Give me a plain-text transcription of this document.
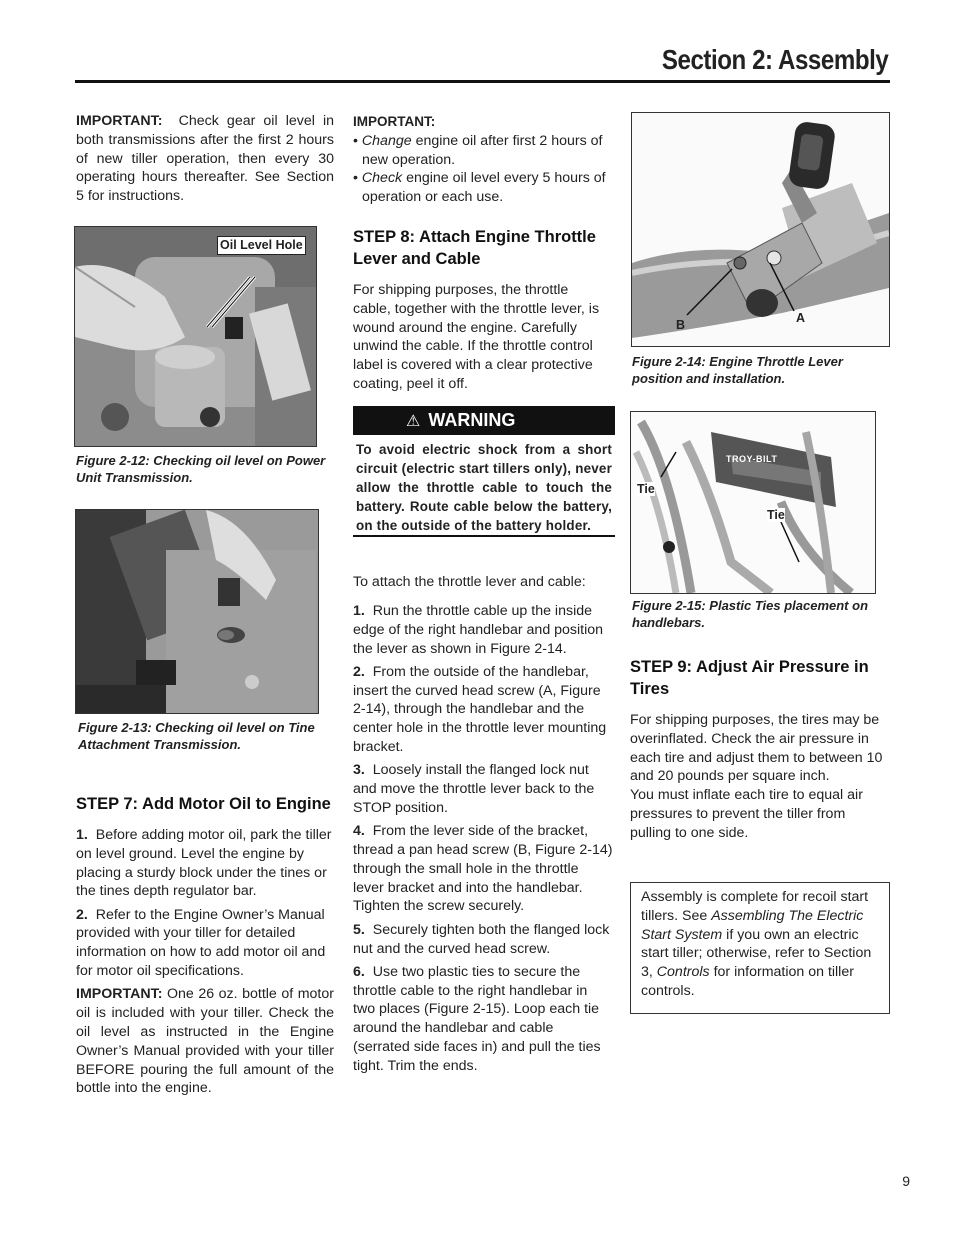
Section 2: Assembly
IMPORTANT: Check gear oil level in both transmissions after the first 2 hours of new tiller operation, then every 30 operating hours thereafter. See Section 5 for instructions.
Oil Level Hole
Figure 2-12: Checking oil level on Power Unit Transmission.
Figure 2-13: Checking oil level on Tine Attachment Transmission.
STEP 7: Add Motor Oil to Engine

1. Before adding motor oil, park the tiller on level ground. Level the engine by placing a sturdy block under the tines or the tines depth regulator bar.

2. Refer to the Engine Owner’s Manual provided with your tiller for detailed information on how to add motor oil and for motor oil specifications.

IMPORTANT: One 26 oz. bottle of motor oil is included with your tiller. Check the oil level as instructed in the Engine Owner’s Manual provided with your tiller BEFORE pouring the full amount of the bottle into the engine.

IMPORTANT:

• Change engine oil after first 2 hours of new operation.

• Check engine oil level every 5 hours of operation or each use.

STEP 8: Attach Engine Throttle Lever and Cable
For shipping purposes, the throttle cable, together with the throttle lever, is wound around the engine. Carefully unwind the cable. If the throttle control label is covered with a clear protective coating, peel it off.
⚠ WARNING
To avoid electric shock from a short circuit (electric start tillers only), never allow the throttle cable to touch the battery. Route cable below the battery, on the outside of the battery holder.
To attach the throttle lever and cable:

1. Run the throttle cable up the inside edge of the right handlebar and position the lever as shown in Figure 2-14.

2. From the outside of the handlebar, insert the curved head screw (A, Figure 2-14), through the handlebar and the center hole in the throttle lever mounting bracket.

3. Loosely install the flanged lock nut and move the throttle lever back to the STOP position.

4. From the lever side of the bracket, thread a pan head screw (B, Figure 2-14) through the small hole in the throttle lever bracket and into the handlebar. Tighten the screw securely.

5. Securely tighten both the flanged lock nut and the curved head screw.

6. Use two plastic ties to secure the throttle cable to the right handlebar in two places (Figure 2-15). Loop each tie around the handlebar and cable (serrated side faces in) and pull the ties tight. Trim the ends.

B	A
Figure 2-14: Engine Throttle Lever position and installation.
TROY-BILT
Tie
Tie
Figure 2-15: Plastic Ties placement on handlebars.
STEP 9: Adjust Air Pressure in Tires

For shipping purposes, the tires may be overinflated. Check the air pressure in each tire and adjust them to between 10 and 20 pounds per square inch.

You must inflate each tire to equal air pressures to prevent the tiller from pulling to one side.

Assembly is complete for recoil start tillers. See Assembling The Electric Start System if you own an electric start tiller; otherwise, refer to Section 3, Controls for information on tiller controls.
9
